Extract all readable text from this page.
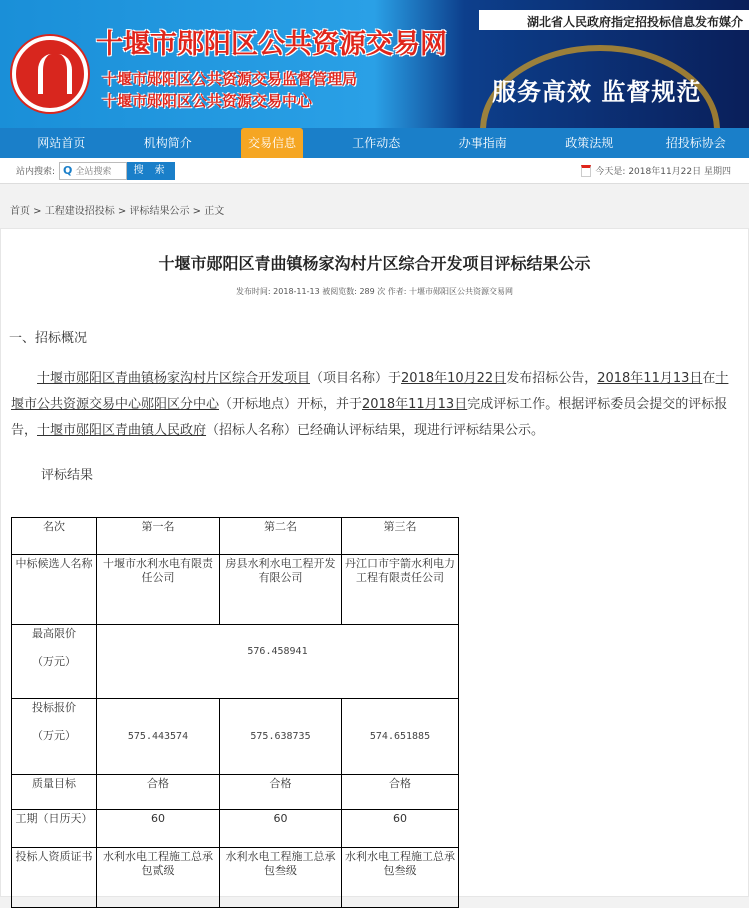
十堰市郧阳区公共资源交易网
十堰市郧阳区公共资源交易监督管理局
十堰市郧阳区公共资源交易中心
湖北省人民政府指定招投标信息发布媒介
服务高效 监督规范
网站首页	机构简介	交易信息	工作动态	办事指南	政策法规	招投标协会
站内搜索: Q 全站搜索	搜 索	今天是: 2018年11月22日 星期四
首页 > 工程建设招投标 > 评标结果公示 > 正文
十堰市郧阳区青曲镇杨家沟村片区综合开发项目评标结果公示
发布时间: 2018-11-13 被阅览数: 289 次 作者: 十堰市郧阳区公共资源交易网
一、招标概况
十堰市郧阳区青曲镇杨家沟村片区综合开发项目（项目名称）于2018年10月22日发布招标公告，2018年11月13日在十堰市公共资源交易中心郧阳区分中心（开标地点）开标，并于2018年11月13日完成评标工作。根据评标委员会提交的评标报告，十堰市郧阳区青曲镇人民政府（招标人名称）已经确认评标结果，现进行评标结果公示。
评标结果
名次	第一名	第二名	第三名
中标候选人名称	十堰市水利水电有限责任公司	房县水利水电工程开发有限公司	丹江口市宇箭水利电力工程有限责任公司
最高限价

（万元）	576.458941		
投标报价

（万元）	575.443574	575.638735	574.651885
质量目标	合格	合格	合格
工期（日历天）	60	60	60
投标人资质证书	水利水电工程施工总承包贰级	水利水电工程施工总承包叁级	水利水电工程施工总承包叁级
